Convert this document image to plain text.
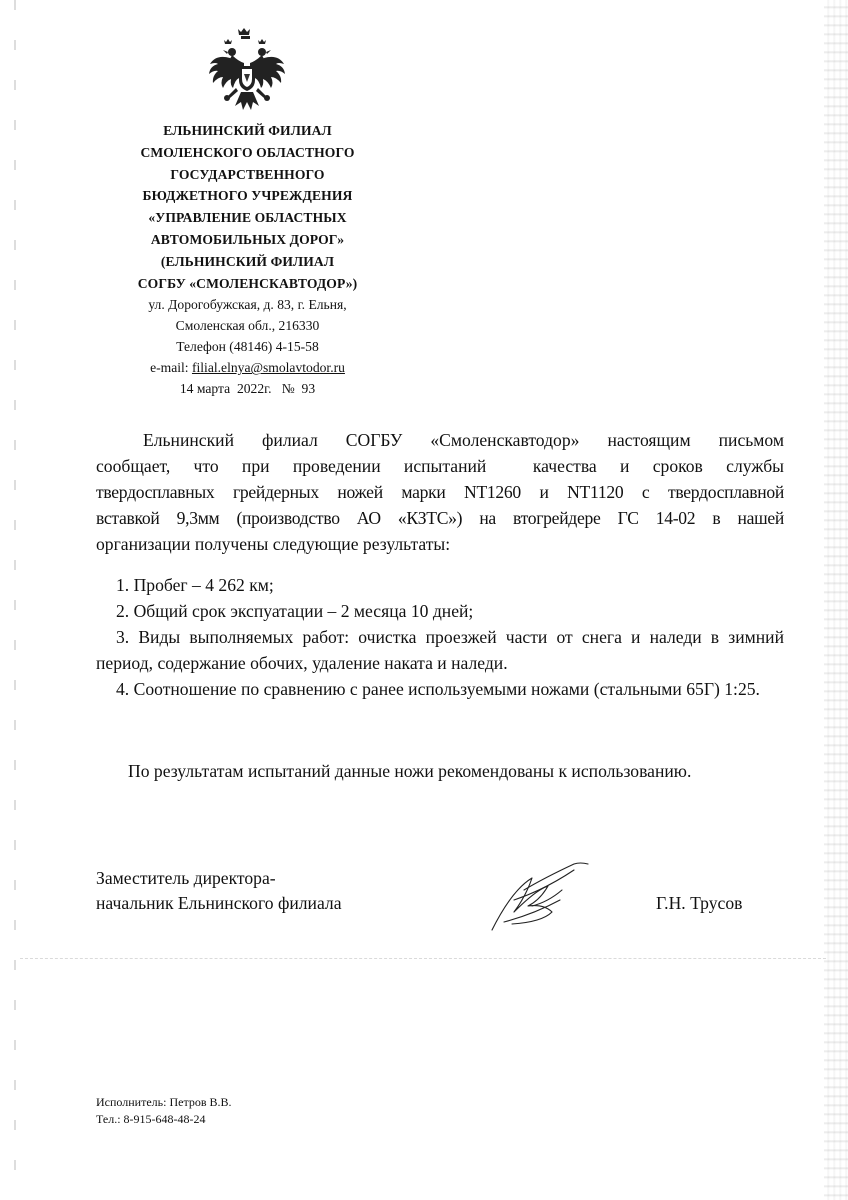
ЕЛЬНИНСКИЙ ФИЛИАЛ
СМОЛЕНСКОГО ОБЛАСТНОГО
ГОСУДАРСТВЕННОГО
БЮДЖЕТНОГО УЧРЕЖДЕНИЯ
«УПРАВЛЕНИЕ ОБЛАСТНЫХ
АВТОМОБИЛЬНЫХ ДОРОГ»
(ЕЛЬНИНСКИЙ ФИЛИАЛ
СОГБУ «СМОЛЕНСКАВТОДОР»)
ул. Дорогобужская, д. 83, г. Ельня,
Смоленская обл., 216330
Телефон (48146) 4-15-58
e-mail: filial.elnya@smolavtodor.ru
14 марта  2022г.   №  93
Ельнинский филиал СОГБУ «Смоленскавтодор» настоящим письмом
сообщает, что при проведении испытаний  качества и сроков службы
твердосплавных грейдерных ножей марки NT1260 и NT1120 с твердосплавной
вставкой 9,3мм (производство АО «КЗТС») на втогрейдере ГС 14-02 в нашей
организации получены следующие результаты:
1. Пробег – 4 262 км;
2. Общий срок экспуатации – 2 месяца 10 дней;
3. Виды выполняемых работ: очистка проезжей части от снега и наледи в зимний период, содержание обочих, удаление наката и наледи.
4. Соотношение по сравнению с ранее используемыми ножами (стальными 65Г) 1:25.
По результатам испытаний данные ножи рекомендованы к использованию.
Заместитель директора-
начальник Ельнинского филиала	Г.Н. Трусов
Исполнитель: Петров В.В.
Тел.: 8-915-648-48-24
